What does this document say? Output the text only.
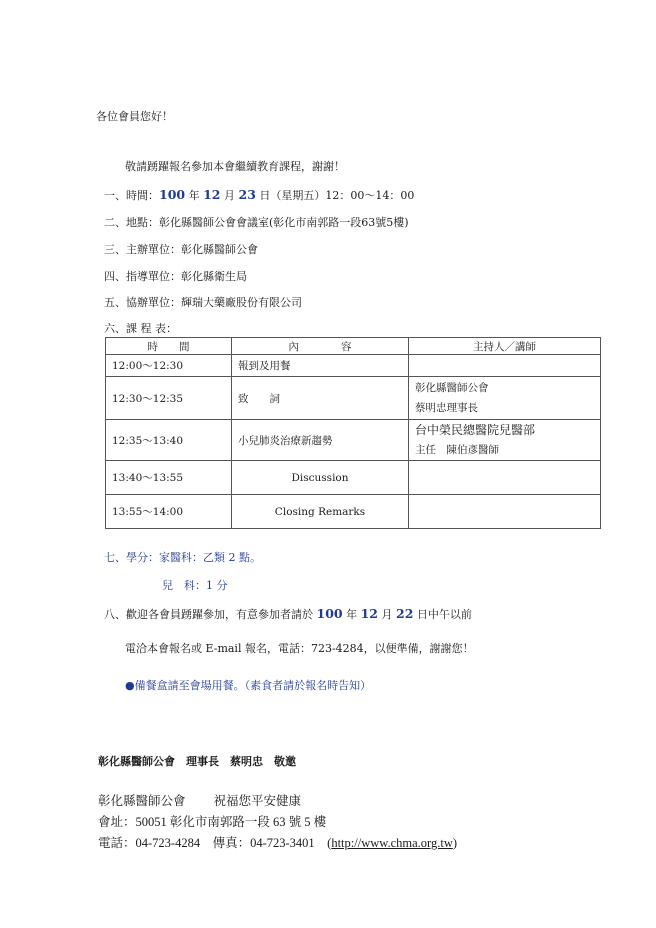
各位會員您好！
敬請踴躍報名參加本會繼續教育課程，謝謝！
一、時間：100 年 12 月 23 日（星期五）12：00～14：00
二、地點：彰化縣醫師公會會議室(彰化市南郭路一段63號5樓)
三、主辦單位：彰化縣醫師公會
四、指導單位：彰化縣衛生局
五、協辦單位：輝瑞大藥廠股份有限公司
六、課 程 表：
時　　間	內　　　　容	主持人／講師
12:00～12:30	報到及用餐	

12:30～12:35	致　　詞	彰化縣醫師公會
蔡明忠理事長

12:35～13:40	小兒肺炎治療新趨勢	台中榮民總醫院兒醫部
主任　陳伯彥醫師

13:40～13:55	Discussion	
13:55～14:00	Closing Remarks	
七、學分：家醫科：乙類 2 點。
兒　科：1 分
八、歡迎各會員踴躍參加，有意參加者請於 100 年 12 月 22 日中午以前
電洽本會報名或 E-mail 報名，電話：723-4284，以便準備，謝謝您！
●備餐盒請至會場用餐。（素食者請於報名時告知）
彰化縣醫師公會　理事長　蔡明忠　敬邀
彰化縣醫師公會 祝福您平安健康
會址：50051 彰化市南郭路一段 63 號 5 樓
電話：04-723-4284　傳真：04-723-3401　(http://www.chma.org.tw)
